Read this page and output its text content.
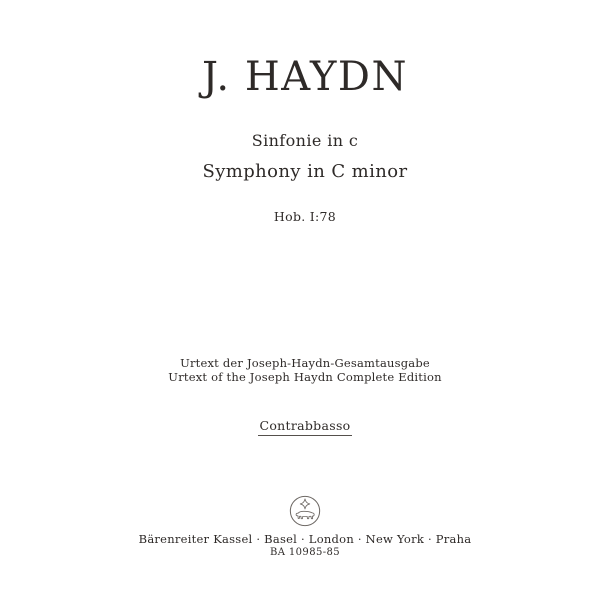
J. HAYDN
Sinfonie in c
Symphony in C minor
Hob. I:78
Urtext der Joseph-Haydn-Gesamtausgabe
Urtext of the Joseph Haydn Complete Edition
Contrabbasso
Bärenreiter Kassel · Basel · London · New York · Praha
BA 10985-85
